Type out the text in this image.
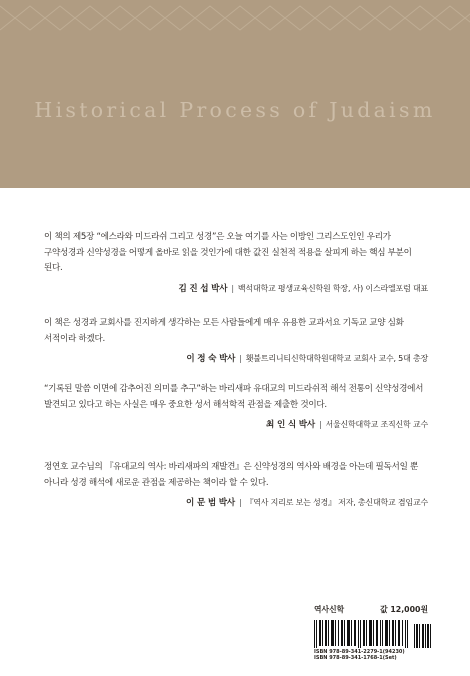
Historical Process of Judaism

이 책의 제5장 “에스라와 미드라쉬 그리고 성경”은 오늘 여기를 사는 이방인 그리스도인인 우리가 구약성경과 신약성경을 어떻게 올바로 읽을 것인가에 대한 값진 실천적 적용을 살피게 하는 핵심 부분이 된다.

김 진 섭 박사 | 백석대학교 평생교육신학원 학장, 사) 이스라엘포럼 대표

이 책은 성경과 교회사를 진지하게 생각하는 모든 사람들에게 매우 유용한 교과서요 기독교 교양 심화 서적이라 하겠다.

이 정 숙 박사 | 횃불트리니티신학대학원대학교 교회사 교수, 5대 총장

“기록된 말씀 이면에 감추어진 의미를 추구”하는 바리새파 유대교의 미드라쉬적 해석 전통이 신약성경에서 발견되고 있다고 하는 사실은 매우 중요한 성서 해석학적 관점을 제출한 것이다.

최 인 식 박사 | 서울신학대학교 조직신학 교수

정연호 교수님의 『유대교의 역사: 바리새파의 재발견』은 신약성경의 역사와 배경을 아는데 필독서일 뿐 아니라 성경 해석에 새로운 관점을 제공하는 책이라 할 수 있다.

이 문 범 박사 | 『역사 지리로 보는 성경』 저자, 총신대학교 겸임교수
역사신학	값 12,000원
ISBN 978-89-341-2279-1(94230)
ISBN 978-89-341-1768-1(Set)
